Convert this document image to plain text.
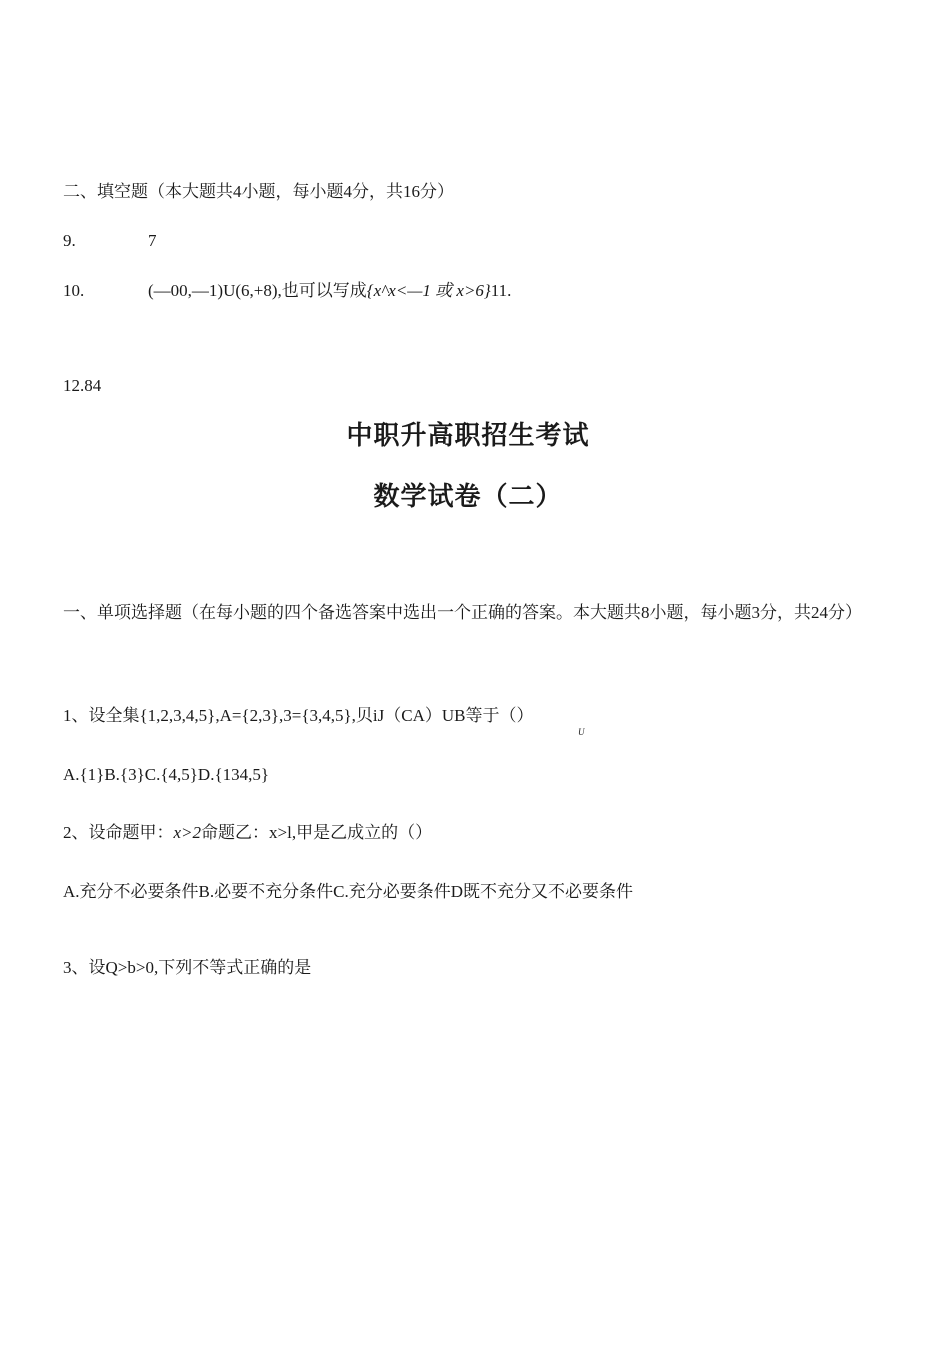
二、填空题（本大题共4小题，每小题4分，共16分）
9.	7
10.	(—00,—1)U(6,+8),也可以写成{x^x<—1 或 x>6}11.
12.84
中职升高职招生考试
数学试卷（二）
一、单项选择题（在每小题的四个备选答案中选出一个正确的答案。本大题共8小题，每小题3分，共24分）
1、设全集{1,2,3,4,5},A={2,3},3={3,4,5},贝iJ（CA）UB等于（）
U
A.{1}B.{3}C.{4,5}D.{134,5}
2、设命题甲：x>2命题乙：x>l,甲是乙成立的（）
A.充分不必要条件B.必要不充分条件C.充分必要条件D既不充分又不必要条件
3、设Q>b>0,下列不等式正确的是
